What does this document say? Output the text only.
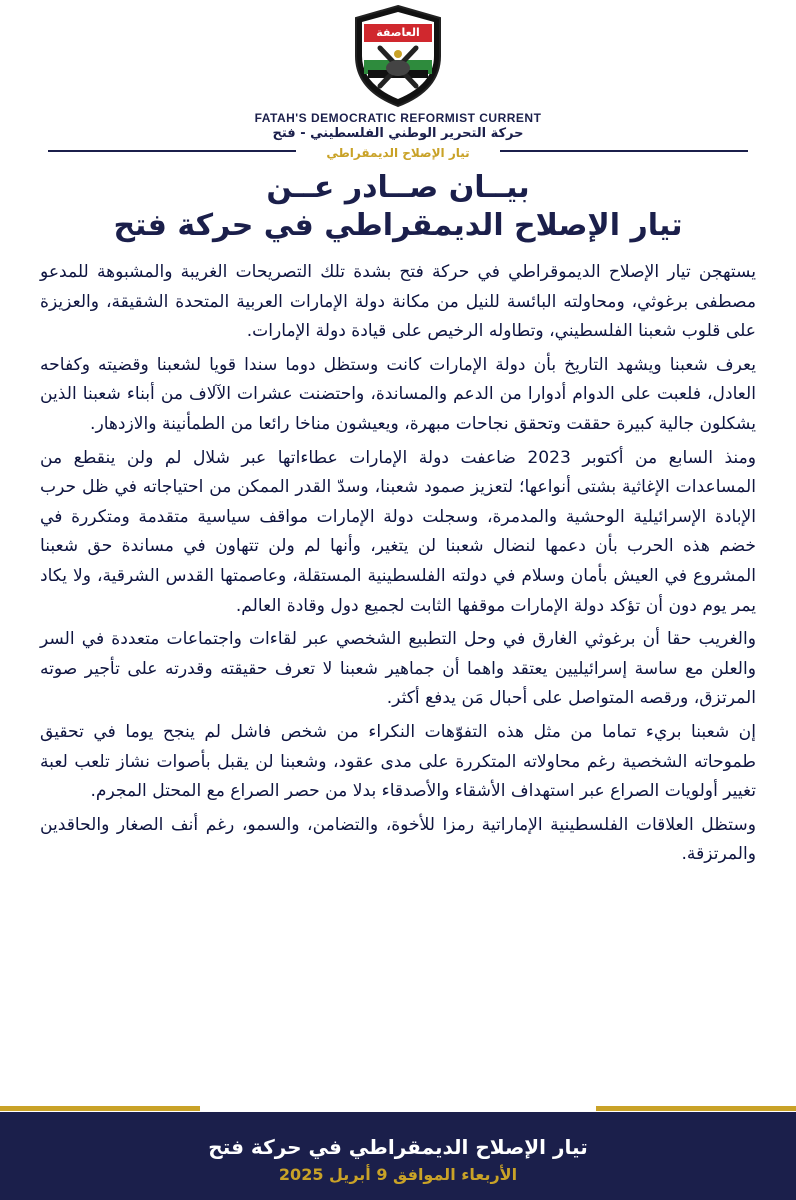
العاصفة
FATAH'S DEMOCRATIC REFORMIST CURRENT
حركة التحرير الوطني الفلسطيني - فتح
تيار الإصلاح الديمقراطي
بيــان صــادر عــن
تيار الإصلاح الديمقراطي في حركة فتح

يستهجن تيار الإصلاح الديموقراطي في حركة فتح بشدة تلك التصريحات الغريبة والمشبوهة للمدعو مصطفى برغوثي، ومحاولته البائسة للنيل من مكانة دولة الإمارات العربية المتحدة الشقيقة، والعزيزة على قلوب شعبنا الفلسطيني، وتطاوله الرخيص على قيادة دولة الإمارات.

يعرف شعبنا ويشهد التاريخ بأن دولة الإمارات كانت وستظل دوما سندا قويا لشعبنا وقضيته وكفاحه العادل، فلعبت على الدوام أدوارا من الدعم والمساندة، واحتضنت عشرات الآلاف من أبناء شعبنا الذين يشكلون جالية كبيرة حققت وتحقق نجاحات مبهرة، ويعيشون مناخا رائعا من الطمأنينة والازدهار.

ومنذ السابع من أكتوبر 2023 ضاعفت دولة الإمارات عطاءاتها عبر شلال لم ولن ينقطع من المساعدات الإغاثية بشتى أنواعها؛ لتعزيز صمود شعبنا، وسدّ القدر الممكن من احتياجاته في ظل حرب الإبادة الإسرائيلية الوحشية والمدمرة، وسجلت دولة الإمارات مواقف سياسية متقدمة ومتكررة في خضم هذه الحرب بأن دعمها لنضال شعبنا لن يتغير، وأنها لم ولن تتهاون في مساندة حق شعبنا المشروع في العيش بأمان وسلام في دولته الفلسطينية المستقلة، وعاصمتها القدس الشرقية، ولا يكاد يمر يوم دون أن تؤكد دولة الإمارات موقفها الثابت لجميع دول وقادة العالم.

والغريب حقا أن برغوثي الغارق في وحل التطبيع الشخصي عبر لقاءات واجتماعات متعددة في السر والعلن مع ساسة إسرائيليين يعتقد واهما أن جماهير شعبنا لا تعرف حقيقته وقدرته على تأجير صوته المرتزق، ورقصه المتواصل على أحبال مَن يدفع أكثر.

إن شعبنا بريء تماما من مثل هذه التفوّهات النكراء من شخص فاشل لم ينجح يوما في تحقيق طموحاته الشخصية رغم محاولاته المتكررة على مدى عقود، وشعبنا لن يقبل بأصوات نشاز تلعب لعبة تغيير أولويات الصراع عبر استهداف الأشقاء والأصدقاء بدلا من حصر الصراع مع المحتل المجرم.

وستظل العلاقات الفلسطينية الإماراتية رمزا للأخوة، والتضامن، والسمو، رغم أنف الصغار والحاقدين والمرتزقة.

تيار الإصلاح الديمقراطي في حركة فتح
الأربعاء الموافق 9 أبريل 2025
